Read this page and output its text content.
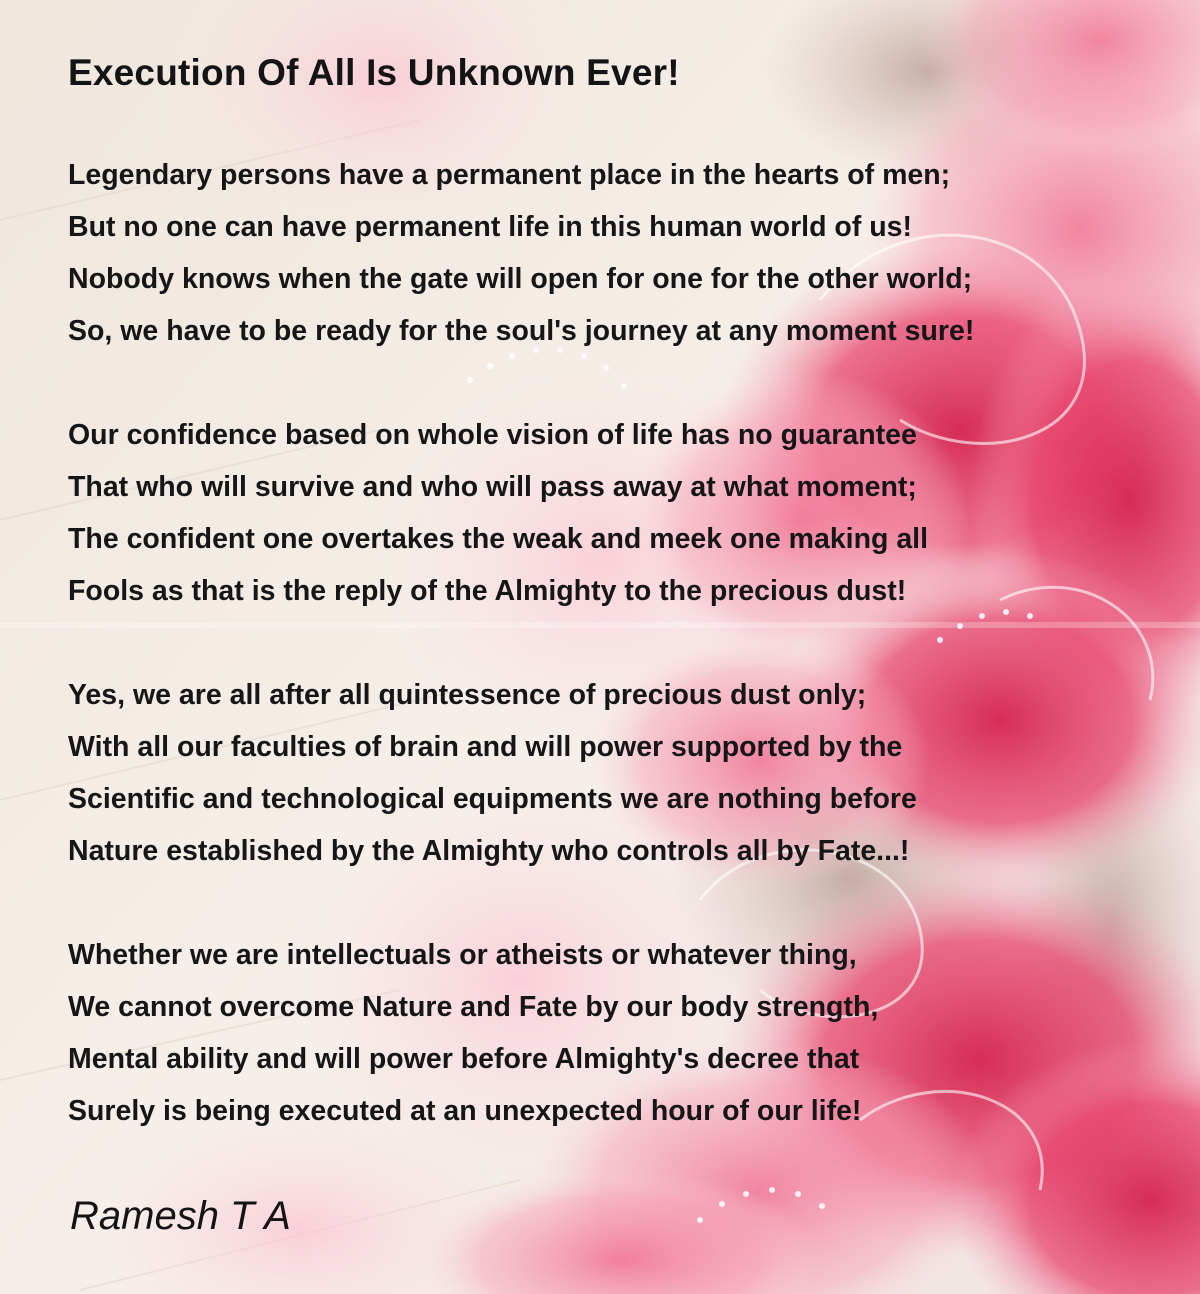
Execution Of All Is Unknown Ever!
Legendary persons have a permanent place in the hearts of men;
But no one can have permanent life in this human world of us!
Nobody knows when the gate will open for one for the other world;
So, we have to be ready for the soul's journey at any moment sure!
Our confidence based on whole vision of life has no guarantee
That who will survive and who will pass away at what moment;
The confident one overtakes the weak and meek one making all
Fools as that is the reply of the Almighty to the precious dust!
Yes, we are all after all quintessence of precious dust only;
With all our faculties of brain and will power supported by the
Scientific and technological equipments we are nothing before
Nature established by the Almighty who controls all by Fate...!
Whether we are intellectuals or atheists or whatever thing,
We cannot overcome Nature and Fate by our body strength,
Mental ability and will power before Almighty's decree that
Surely is being executed at an unexpected hour of our life!

Ramesh T A
